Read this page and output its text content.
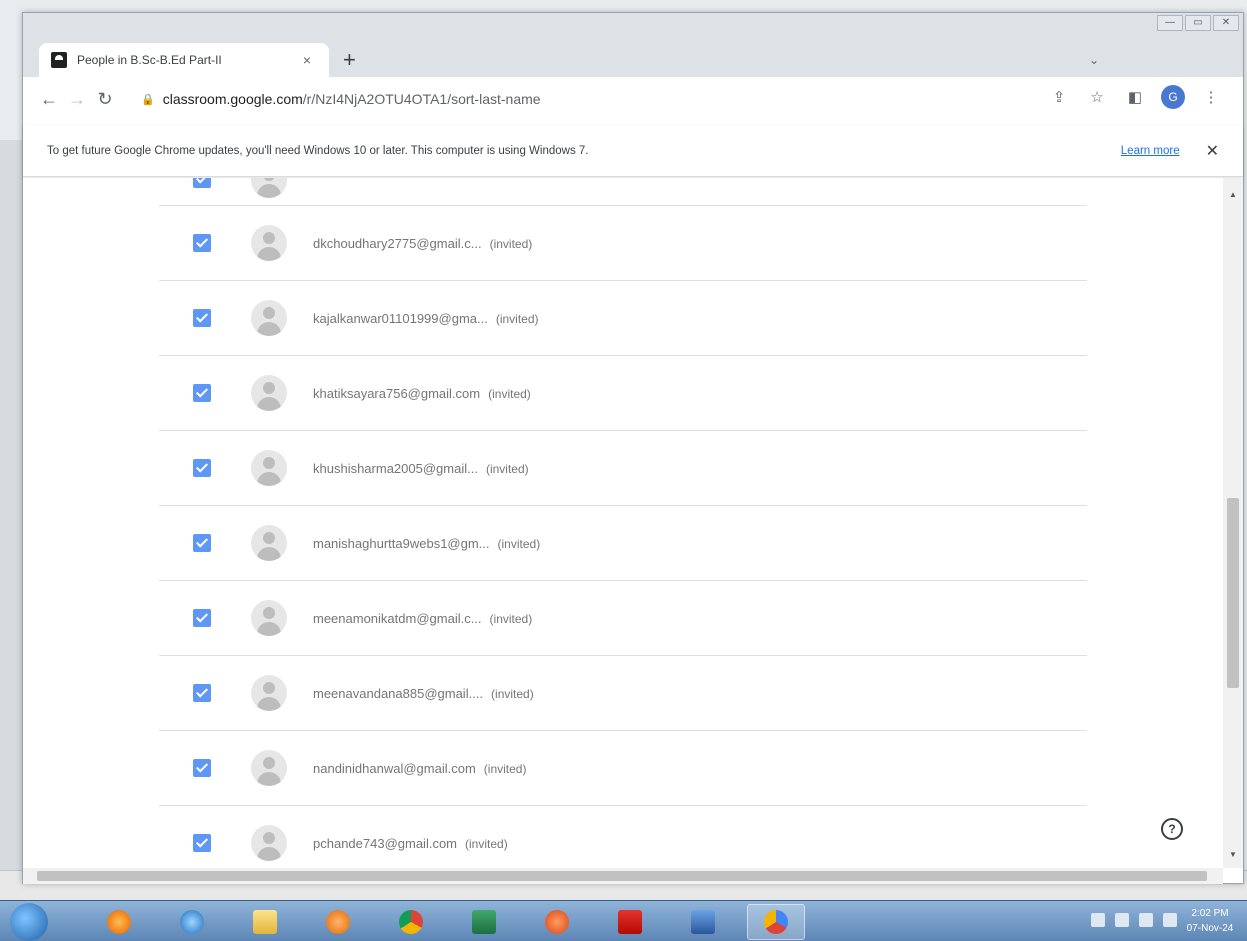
People in B.Sc-B.Ed Part-II	× +	⌄
—	▭	✕
← → ↻	🔒 classroom.google.com/r/NzI4NjA2OTU4OTA1/sort-last-name	⇪	☆	◧	G	⋮
To get future Google Chrome updates, you'll need Windows 10 or later. This computer is using Windows 7.	Learn more ✕
dkchoudhary2775@gmail.c... (invited)
kajalkanwar01101999@gma... (invited)
khatiksayara756@gmail.com (invited)
khushisharma2005@gmail... (invited)
manishaghurtta9webs1@gm... (invited)
meenamonikatdm@gmail.c... (invited)
meenavandana885@gmail.... (invited)
nandinidhanwal@gmail.com (invited)
pchande743@gmail.com (invited)
?
▲
▼
2:02 PM
07-Nov-24
